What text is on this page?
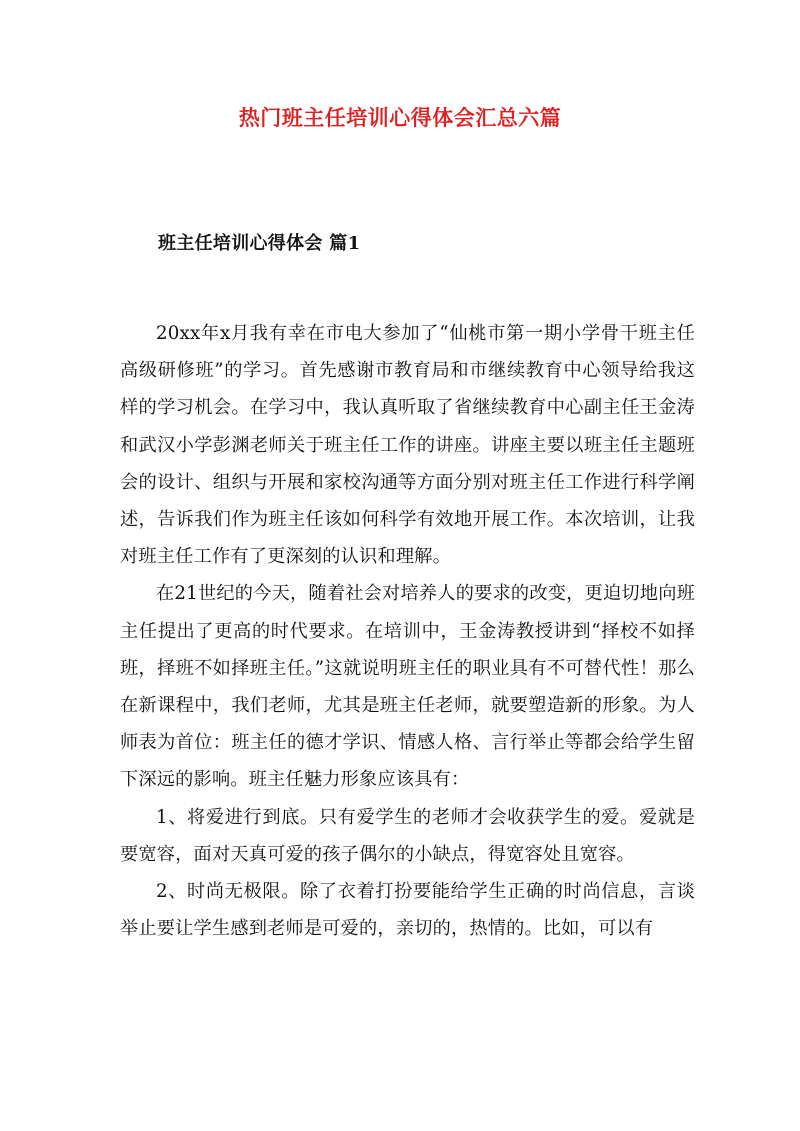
热门班主任培训心得体会汇总六篇
班主任培训心得体会 篇1

20xx年x月我有幸在市电大参加了“仙桃市第一期小学骨干班主任高级研修班”的学习。首先感谢市教育局和市继续教育中心领导给我这样的学习机会。在学习中，我认真听取了省继续教育中心副主任王金涛和武汉小学彭渊老师关于班主任工作的讲座。讲座主要以班主任主题班会的设计、组织与开展和家校沟通等方面分别对班主任工作进行科学阐述，告诉我们作为班主任该如何科学有效地开展工作。本次培训，让我对班主任工作有了更深刻的认识和理解。

在21世纪的今天，随着社会对培养人的要求的改变，更迫切地向班主任提出了更高的时代要求。在培训中，王金涛教授讲到“择校不如择班，择班不如择班主任。”这就说明班主任的职业具有不可替代性！那么在新课程中，我们老师，尤其是班主任老师，就要塑造新的形象。为人师表为首位：班主任的德才学识、情感人格、言行举止等都会给学生留下深远的影响。班主任魅力形象应该具有：

1、将爱进行到底。只有爱学生的老师才会收获学生的爱。爱就是要宽容，面对天真可爱的孩子偶尔的小缺点，得宽容处且宽容。

2、时尚无极限。除了衣着打扮要能给学生正确的时尚信息，言谈举止要让学生感到老师是可爱的，亲切的，热情的。比如，可以有
